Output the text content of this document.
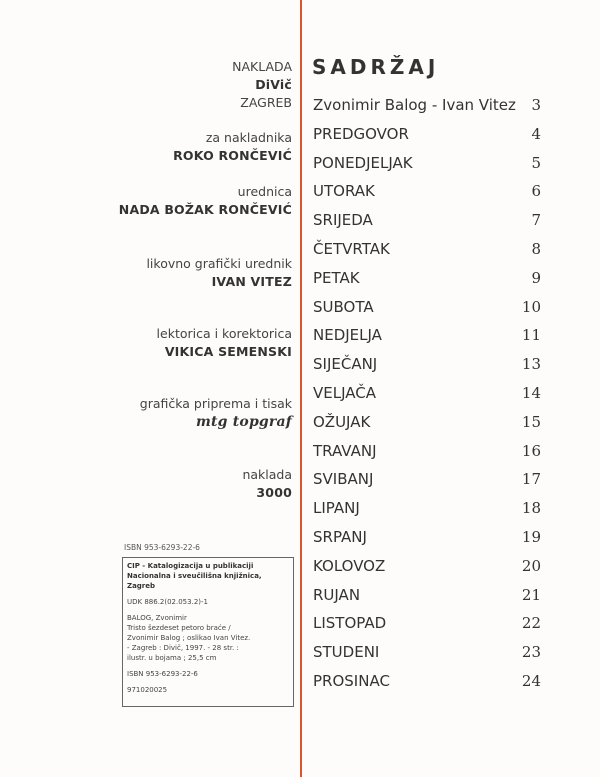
NAKLADA
DiVič
ZAGREB
za nakladnika
ROKO RONČEVIĆ
urednica
NADA BOŽAK RONČEVIĆ
likovno grafički urednik
IVAN VITEZ
lektorica i korektorica
VIKICA SEMENSKI
grafička priprema i tisak
mtg topgraf
naklada
3000
ISBN 953-6293-22-6
CIP - Katalogizacija u publikaciji
Nacionalna i sveučilišna knjižnica, Zagreb
UDK 886.2(02.053.2)-1
BALOG, Zvonimir
Tristo šezdeset petoro braće /
Zvonimir Balog ; oslikao Ivan Vitez.
- Zagreb : Divič, 1997. - 28 str. :
ilustr. u bojama ; 25,5 cm
ISBN 953-6293-22-6
971020025
SADRŽAJ
Zvonimir Balog - Ivan Vitez 3
PREDGOVOR	4
PONEDJELJAK	5
UTORAK	6
SRIJEDA	7
ČETVRTAK	8
PETAK	9
SUBOTA	10
NEDJELJA	11
SIJEČANJ	13
VELJAČA	14
OŽUJAK	15
TRAVANJ	16
SVIBANJ	17
LIPANJ	18
SRPANJ	19
KOLOVOZ	20
RUJAN	21
LISTOPAD	22
STUDENI	23
PROSINAC	24
